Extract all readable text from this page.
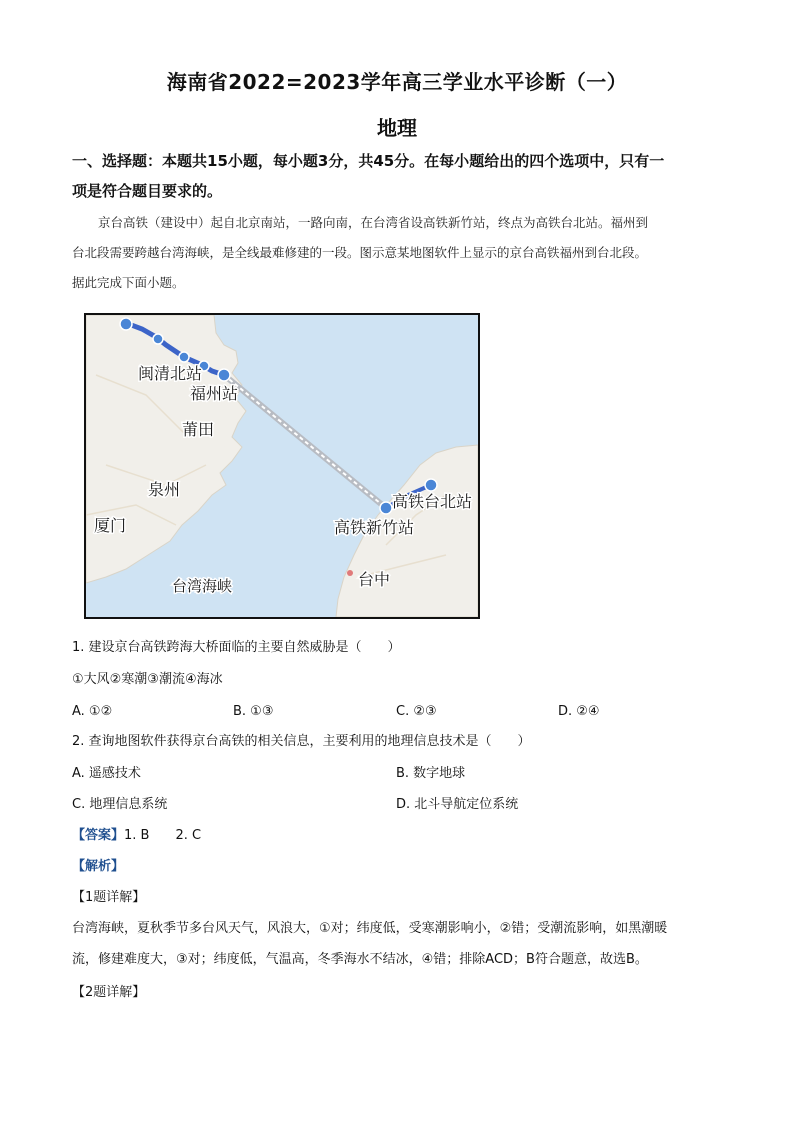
海南省2022=2023学年高三学业水平诊断（一）
地理
一、选择题：本题共15小题，每小题3分，共45分。在每小题给出的四个选项中，只有一
项是符合题目要求的。
京台高铁（建设中）起自北京南站，一路向南，在台湾省设高铁新竹站，终点为高铁台北站。福州到
台北段需要跨越台湾海峡，是全线最难修建的一段。图示意某地图软件上显示的京台高铁福州到台北段。
据此完成下面小题。
闽清北站
福州站
莆田
泉州
厦门
台湾海峡
高铁台北站
高铁新竹站
台中
1. 建设京台高铁跨海大桥面临的主要自然威胁是（　　）
①大风②寒潮③潮流④海冰
A. ①②	B. ①③	C. ②③	D. ②④
2. 查询地图软件获得京台高铁的相关信息，主要利用的地理信息技术是（　　）
A. 遥感技术	B. 数字地球
C. 地理信息系统	D. 北斗导航定位系统
【答案】1. B　　2. C
【解析】
【1题详解】
台湾海峡，夏秋季节多台风天气，风浪大，①对；纬度低，受寒潮影响小，②错；受潮流影响，如黑潮暖
流，修建难度大，③对；纬度低，气温高，冬季海水不结冰，④错；排除ACD；B符合题意，故选B。
【2题详解】
